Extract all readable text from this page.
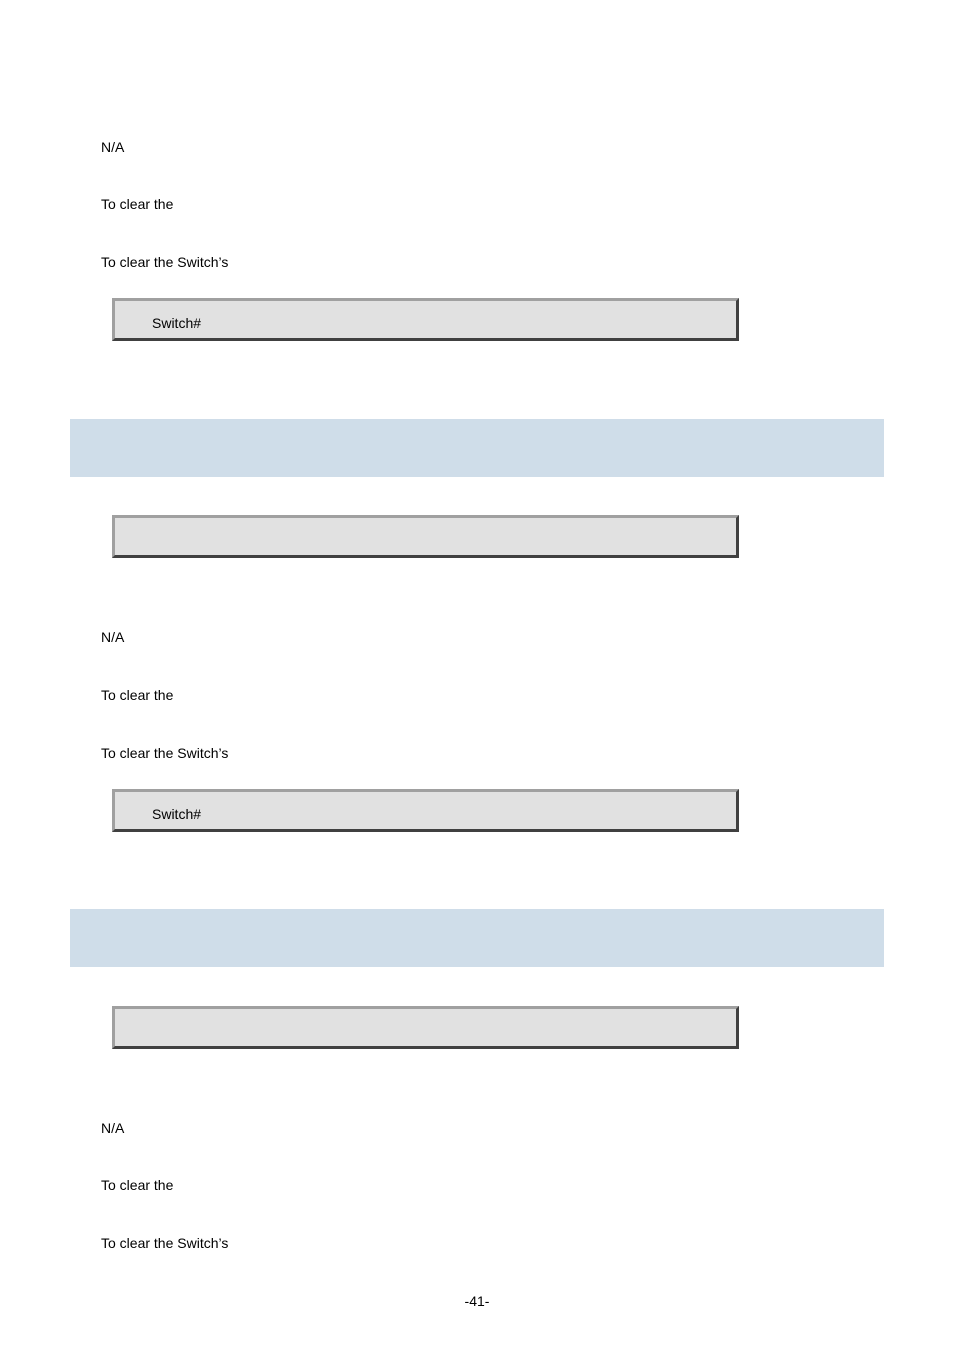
N/A
To clear the
To clear the Switch’s
Switch#
N/A
To clear the
To clear the Switch’s
Switch#
N/A
To clear the
To clear the Switch’s
-41-
